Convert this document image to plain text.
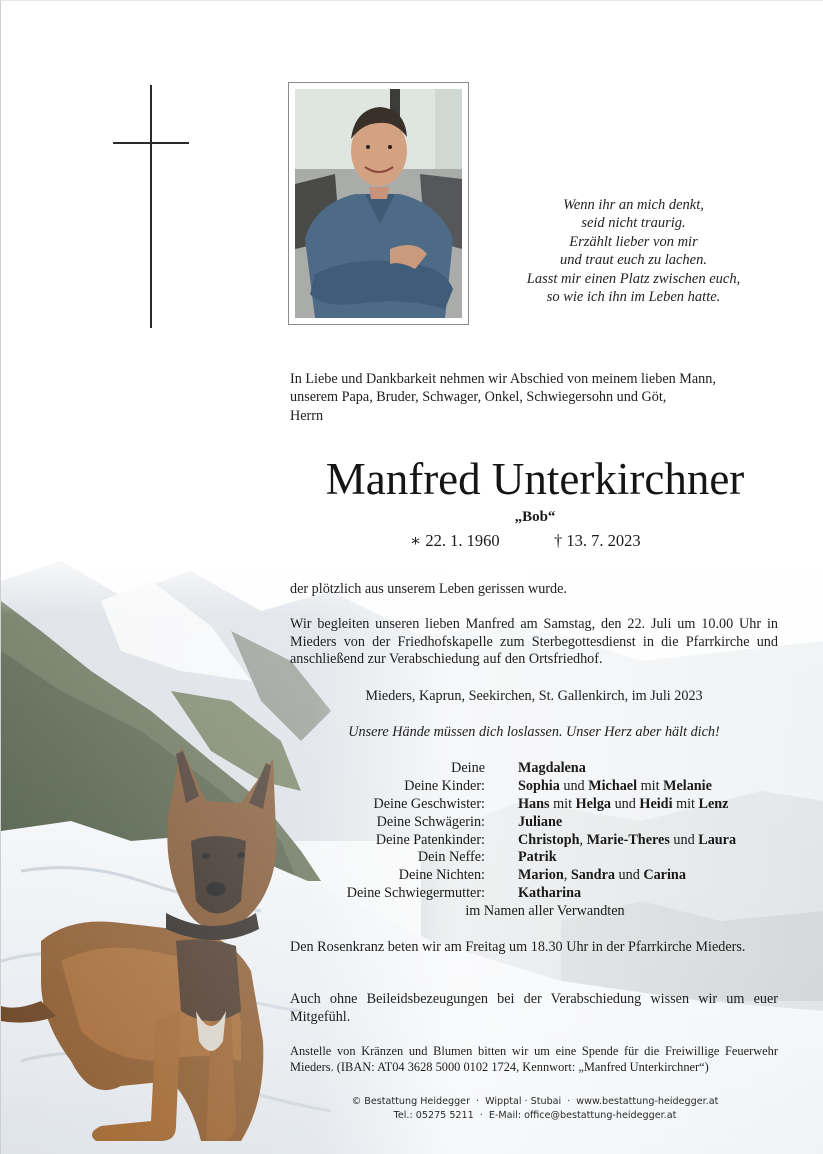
Wenn ihr an mich denkt,
seid nicht traurig.
Erzählt lieber von mir
und traut euch zu lachen.
Lasst mir einen Platz zwischen euch,
so wie ich ihn im Leben hatte.
In Liebe und Dankbarkeit nehmen wir Abschied von meinem lieben Mann,
unserem Papa, Bruder, Schwager, Onkel, Schwiegersohn und Göt,
Herrn
Manfred Unterkirchner
„Bob“
∗ 22. 1. 1960	† 13. 7. 2023
der plötzlich aus unserem Leben gerissen wurde.
Wir begleiten unseren lieben Manfred am Samstag, den 22. Juli um 10.00 Uhr in Mieders von der Friedhofskapelle zum Sterbegottesdienst in die Pfarrkirche und anschließend zur Verabschiedung auf den Ortsfriedhof.
Mieders, Kaprun, Seekirchen, St. Gallenkirch, im Juli 2023
Unsere Hände müssen dich loslassen. Unser Herz aber hält dich!
Deine Magdalena
Deine Kinder: Sophia und Michael mit Melanie
Deine Geschwister: Hans mit Helga und Heidi mit Lenz
Deine Schwägerin: Juliane
Deine Patenkinder: Christoph, Marie-Theres und Laura
Dein Neffe: Patrik
Deine Nichten: Marion, Sandra und Carina
Deine Schwiegermutter: Katharina
im Namen aller Verwandten
Den Rosenkranz beten wir am Freitag um 18.30 Uhr in der Pfarrkirche Mieders.
Auch ohne Beileidsbezeugungen bei der Verabschiedung wissen wir um euer Mitgefühl.
Anstelle von Kränzen und Blumen bitten wir um eine Spende für die Freiwillige Feuerwehr Mieders. (IBAN: AT04 3628 5000 0102 1724, Kennwort: „Manfred Unterkirchner“)
© Bestattung Heidegger · Wipptal · Stubai · www.bestattung-heidegger.at
Tel.: 05275 5211 · E-Mail: office@bestattung-heidegger.at
